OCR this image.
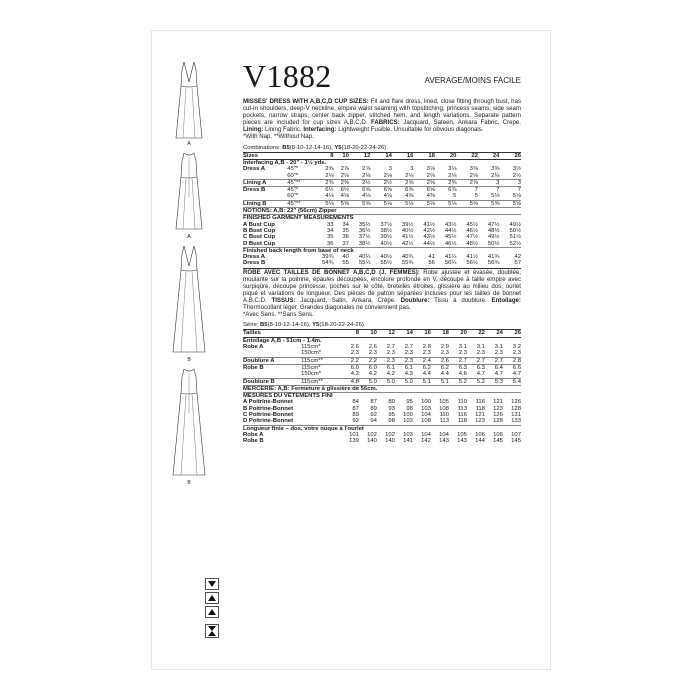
A
A
B
B
V1882	AVERAGE/MOINS FACILE
MISSES' DRESS WITH A,B,C,D CUP SIZES: Fit and flare dress, lined, close fitting through bust, has cut-in shoulders, deep-V neckline, empire waist seaming with topstitching, princess seams, side seam pockets, narrow straps, center back zipper, stitched hem, and length variations. Separate pattern pieces are included for cup sizes A,B,C,D. FABRICS: Jacquard, Sateen, Ankara Fabric, Crepe. Lining: Lining Fabric. Interfacing: Lightweight Fusible. Unsuitable for obvious diagonals.
*With Nap. **Without Nap.
Combinations: B5(8-10-12-14-16), Y5(18-20-22-24-26)
Sizes		8	10	12	14	16	18	20	22	24	26
Interfacing A,B - 20" - 1½ yds.											
Dress A	45"*	2⅝	2⅞	2⅞	3	3	3⅛	3⅛	3⅜	3⅜	3½
	60"*	2⅛	2⅛	2⅛	2⅛	2⅛	2⅛	2⅛	2⅛	2⅛	2½
Lining A	45"**	2⅜	2⅜	2½	2½	2⅝	2⅝	2⅝	2⅞	3	3
Dress B	45"*	6½	6½	6⅝	6⅝	6⅝	6⅝	6⅞	7	7	7
	60"*	4⅛	4⅛	4⅛	4⅛	4⅜	4⅜	5	5	5⅛	5⅛
Lining B	45"**	5⅛	5⅝	5⅝	5⅛	5⅛	5⅛	5⅛	5⅝	5⅝	5⅝
NOTIONS: A,B: 22" (56cm) Zipper											
FINISHED GARMENT MEASUREMENTS											
A Bust Cup		33	34	35½	37½	39½	41½	43½	45½	47½	49½
B Bust Cup		34	35	36½	38½	40½	42½	44½	46½	48½	50½
C Bust Cup		35	36	37½	39½	41½	43½	45½	47½	49½	51½
D Bust Cup		36	37	38½	40½	42½	44½	46½	48½	50½	52½
Finished back length from base of neck											
Dress A		39¾	40	40¼	40½	40¾	41	41¼	41½	41¾	42
Dress B		54¾	55	55¼	55½	55¾	56	56¼	56½	56¾	57
ROBE AVEC TAILLES DE BONNET A,B,C,D (J. FEMMES): Robe ajustée et évasée, doublée, moulante sur la poitrine, épaules découpées, encolure profonde en V, découpe à taille empire avec surpiqûre, découpe princesse, poches sur le côté, bretelles étroites, glissière au milieu dos, ourlet piqué et variations de longueur. Des pièces de patron séparées incluses pour les tailles de bonnet A,B,C,D. TISSUS: Jacquard, Satin, Ankara, Crêpe. Doublure: Tissu à doublure. Entoilage: Thermocollant léger. Grandes diagonales ne conviennent pas.
*Avec Sens. **Sans Sens.
Série: B5(8-10-12-14-16), Y5(18-20-22-24-26)
Tailles		8	10	12	14	16	18	20	22	24	26
Entoilage A,B - 51cm - 1.4m.											
Robe A	115cm*	2.6	2.6	2.7	2.7	2.8	2.9	3.1	3.1	3.1	3.2
	150cm*	2.3	2.3	2.3	2.3	2.3	2.3	2.3	2.3	2.3	2.3
Doublure A	115cm**	2.2	2.2	2.3	2.3	2.4	2.6	2.7	2.7	2.7	2.8
Robe B	115cm*	6.0	6.0	6.1	6.1	6.2	6.2	6.3	6.3	6.4	6.6
	150cm*	4.2	4.2	4.2	4.3	4.4	4.4	4.6	4.7	4.7	4.7
Doublure B	115cm**	4.8	5.0	5.0	5.0	5.1	5.1	5.2	5.2	5.3	5.4
MERCERIE: A,B: Fermeture à glissière de 56cm.											
MESURES DU VÊTEMENTS FINI											
A Poitrine-Bonnet		84	87	89	95	100	105	110	116	121	126
B Poitrine-Bonnet		87	89	93	98	103	108	113	118	123	128
C Poitrine-Bonnet		89	92	95	100	104	110	116	121	126	131
D Poitrine-Bonnet		92	94	98	103	108	113	118	123	128	133
Longueur finie – dos, votre nuque à l'ourlet											
Robe A		101	102	102	103	104	104	105	106	106	107
Robe B		139	140	140	141	142	143	143	144	145	145
